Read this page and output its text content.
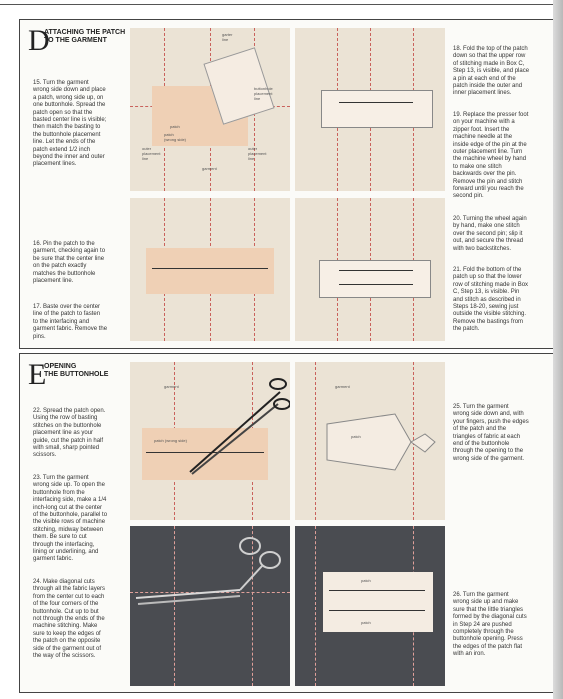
D
ATTACHING THE PATCH
TO THE GARMENT
15. Turn the garment
wrong side down and place
a patch, wrong side up, on
one buttonhole. Spread the
patch open so that the
basted center line is visible;
then match the basting to
the buttonhole placement
line. Let the ends of the
patch extend 1/2 inch
beyond the inner and outer
placement lines.
16. Pin the patch to the
garment, checking again to
be sure that the center line
on the patch exactly
matches the buttonhole
placement line.
17. Baste over the center
line of the patch to fasten
to the interfacing and
garment fabric. Remove the
pins.
garter
line
buttonhole
placement
line
patch
patch
(wrong side)
outer
placement
line
outer
placement
line
garment
18. Fold the top of the patch
down so that the upper row
of stitching made in Box C,
Step 13, is visible, and place
a pin at each end of the
patch inside the outer and
inner placement lines.
19. Replace the presser foot
on your machine with a
zipper foot. Insert the
machine needle at the
inside edge of the pin at the
outer placement line. Turn
the machine wheel by hand
to make one stitch
backwards over the pin.
Remove the pin and stitch
forward until you reach the
second pin.
20. Turning the wheel again
by hand, make one stitch
over the second pin; slip it
out, and secure the thread
with two backstitches.
21. Fold the bottom of the
patch up so that the lower
row of stitching made in Box
C, Step 13, is visible. Pin
and stitch as described in
Steps 18-20, sewing just
outside the visible stitching.
Remove the bastings from
the patch.
E
OPENING
THE BUTTONHOLE
22. Spread the patch open.
Using the row of basting
stitches on the buttonhole
placement line as your
guide, cut the patch in half
with small, sharp pointed
scissors.
23. Turn the garment
wrong side up. To open the
buttonhole from the
interfacing side, make a 1/4
inch-long cut at the center
of the buttonhole, parallel to
the visible rows of machine
stitching, midway between
them. Be sure to cut
through the interfacing,
lining or underlining, and
garment fabric.
24. Make diagonal cuts
through all the fabric layers
from the center cut to each
of the four corners of the
buttonhole. Cut up to but
not through the ends of the
machine stitching. Make
sure to keep the edges of
the patch on the opposite
side of the garment out of
the way of the scissors.
garment
patch (wrong side)
garment
patch
patch
patch
25. Turn the garment
wrong side down and, with
your fingers, push the edges
of the patch and the
triangles of fabric at each
end of the buttonhole
through the opening to the
wrong side of the garment.
26. Turn the garment
wrong side up and make
sure that the little triangles
formed by the diagonal cuts
in Step 24 are pushed
completely through the
buttonhole opening. Press
the edges of the patch flat
with an iron.
